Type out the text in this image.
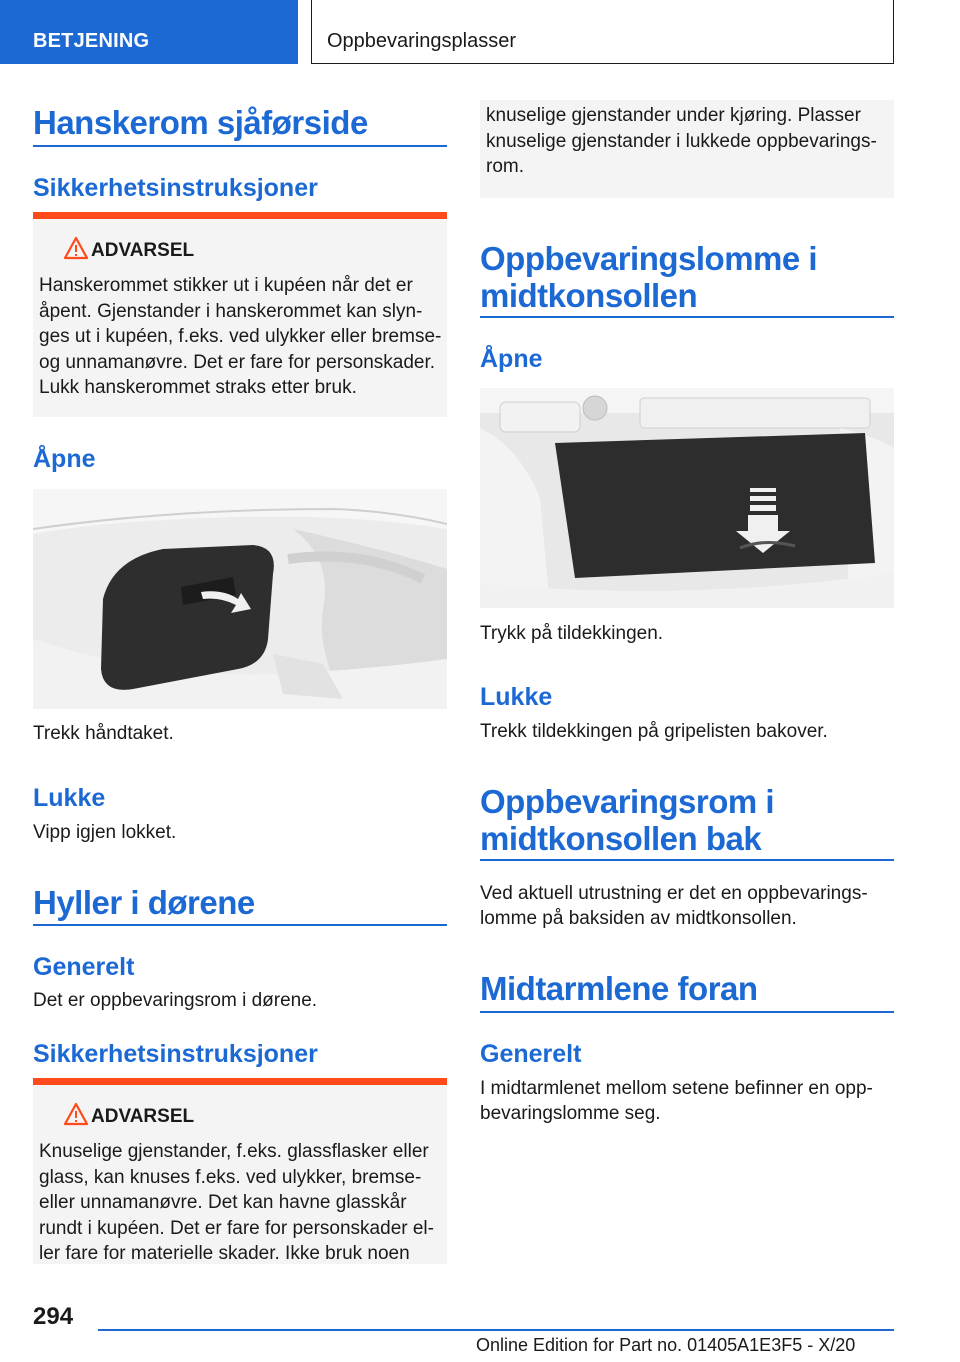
BETJENING	Oppbevaringsplasser
Hanskerom sjåførside
Sikkerhetsinstruksjoner
ADVARSEL
Hanskerommet stikker ut i kupéen når det er
åpent. Gjenstander i hanskerommet kan slyn-
ges ut i kupéen, f.eks. ved ulykker eller bremse-
og unnamanøvre. Det er fare for personskader.
Lukk hanskerommet straks etter bruk.
Åpne
Trekk håndtaket.
Lukke
Vipp igjen lokket.
Hyller i dørene
Generelt
Det er oppbevaringsrom i dørene.
Sikkerhetsinstruksjoner
ADVARSEL
Knuselige gjenstander, f.eks. glassflasker eller
glass, kan knuses f.eks. ved ulykker, bremse-
eller unnamanøvre. Det kan havne glasskår
rundt i kupéen. Det er fare for personskader el-
ler fare for materielle skader. Ikke bruk noen
knuselige gjenstander under kjøring. Plasser
knuselige gjenstander i lukkede oppbevarings-
rom.
Oppbevaringslomme i
midtkonsollen
Åpne
Trykk på tildekkingen.
Lukke
Trekk tildekkingen på gripelisten bakover.
Oppbevaringsrom i
midtkonsollen bak
Ved aktuell utrustning er det en oppbevarings-
lomme på baksiden av midtkonsollen.
Midtarmlene foran
Generelt
I midtarmlenet mellom setene befinner en opp-
bevaringslomme seg.
294
Online Edition for Part no. 01405A1E3F5 - X/20
